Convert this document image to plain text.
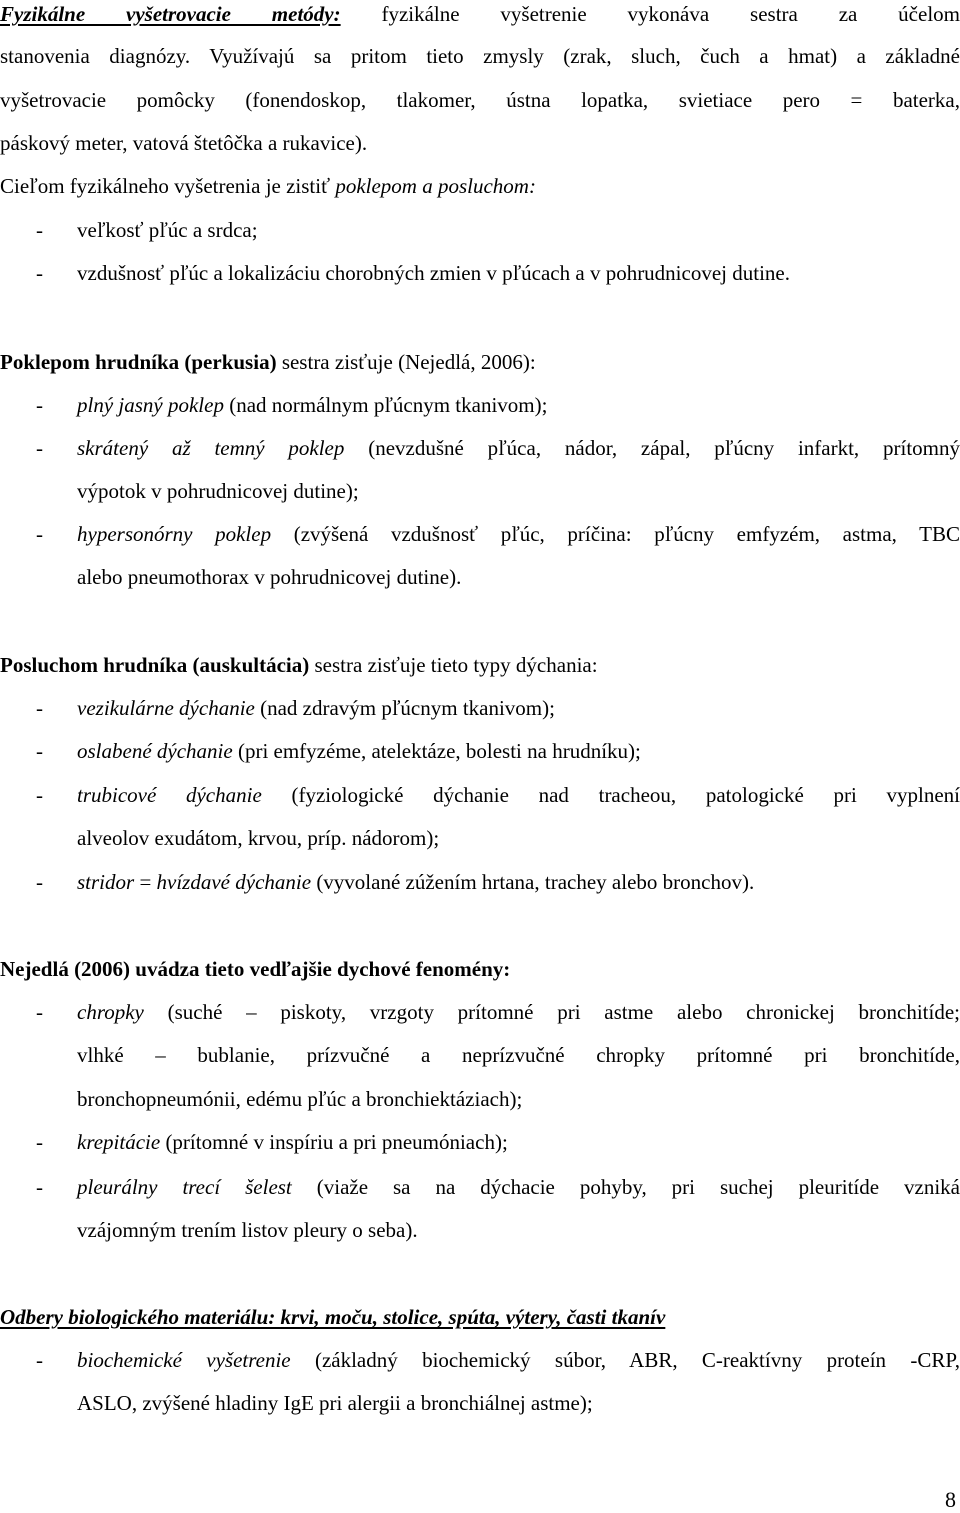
Fyzikálne vyšetrovacie metódy: fyzikálne vyšetrenie vykonáva sestra za účelom
stanovenia diagnózy. Využívajú sa pritom tieto zmysly (zrak, sluch, čuch a hmat) a základné
vyšetrovacie pomôcky (fonendoskop, tlakomer, ústna lopatka, svietiace pero = baterka,
páskový meter, vatová štetôčka a rukavice).
Cieľom fyzikálneho vyšetrenia je zistiť poklepom a posluchom:
- veľkosť pľúc a srdca;
- vzdušnosť pľúc a lokalizáciu chorobných zmien v pľúcach a v pohrudnicovej dutine.
Poklepom hrudníka (perkusia) sestra zisťuje (Nejedlá, 2006):
- plný jasný poklep (nad normálnym pľúcnym tkanivom);
- skrátený až temný poklep (nevzdušné pľúca, nádor, zápal, pľúcny infarkt, prítomný
výpotok v pohrudnicovej dutine);
- hypersonórny poklep (zvýšená vzdušnosť pľúc, príčina: pľúcny emfyzém, astma, TBC
alebo pneumothorax v pohrudnicovej dutine).
Posluchom hrudníka (auskultácia) sestra zisťuje tieto typy dýchania:
- vezikulárne dýchanie (nad zdravým pľúcnym tkanivom);
- oslabené dýchanie (pri emfyzéme, atelektáze, bolesti na hrudníku);
- trubicové dýchanie (fyziologické dýchanie nad tracheou, patologické pri vyplnení
alveolov exudátom, krvou, príp. nádorom);
- stridor = hvízdavé dýchanie (vyvolané zúžením hrtana, trachey alebo bronchov).
Nejedlá (2006) uvádza tieto vedľajšie dychové fenomény:
- chropky (suché – piskoty, vrzgoty prítomné pri astme alebo chronickej bronchitíde;
vlhké – bublanie, prízvučné a neprízvučné chropky prítomné pri bronchitíde,
bronchopneumónii, edému pľúc a bronchiektáziach);
- krepitácie (prítomné v inspíriu a pri pneumóniach);
- pleurálny trecí šelest (viaže sa na dýchacie pohyby, pri suchej pleuritíde vzniká
vzájomným trením listov pleury o seba).
Odbery biologického materiálu: krvi, moču, stolice, spúta, výtery, časti tkanív
- biochemické vyšetrenie (základný biochemický súbor, ABR, C-reaktívny proteín -CRP,
ASLO, zvýšené hladiny IgE pri alergii a bronchiálnej astme);
8
